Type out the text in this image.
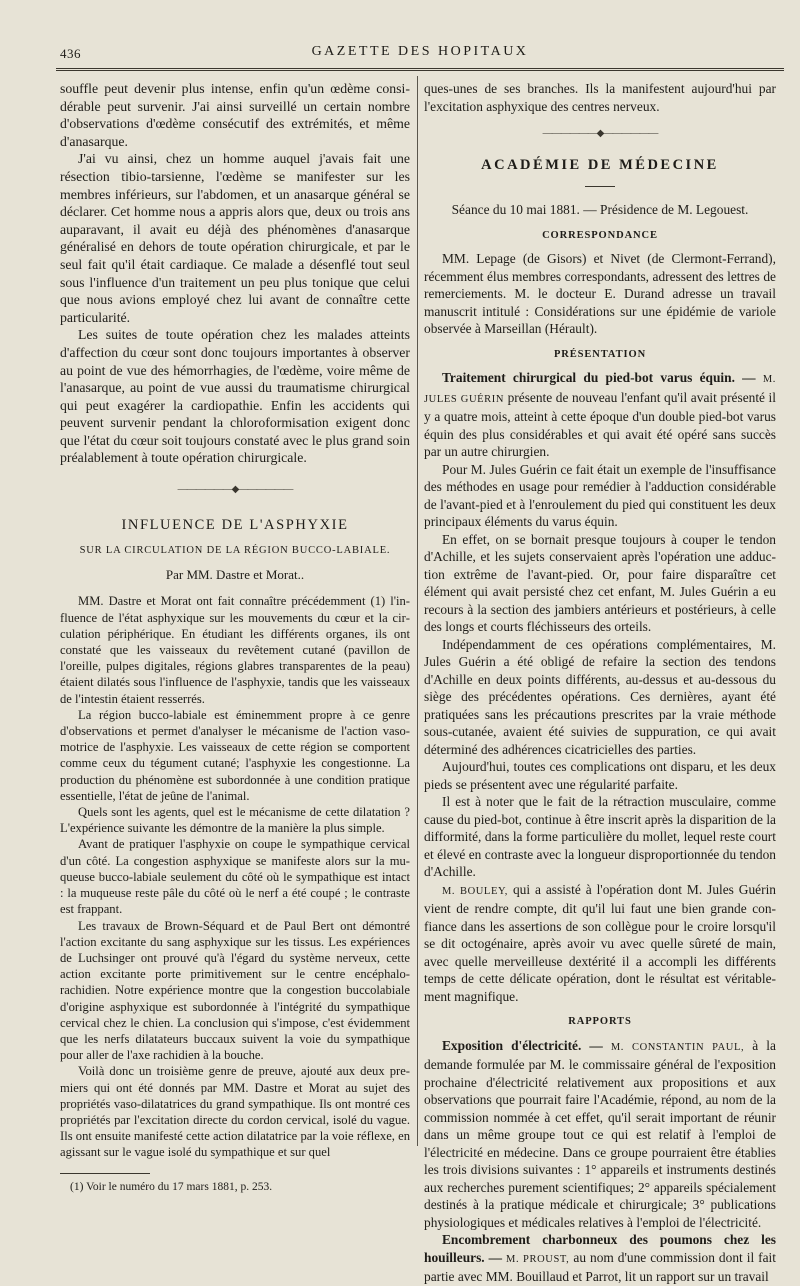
436	GAZETTE DES HOPITAUX

souffle peut devenir plus intense, enfin qu'un œdème considérable peut survenir. J'ai ainsi surveillé un certain nombre d'observations d'œdème consécutif des extrémités, et même d'anasarque.

J'ai vu ainsi, chez un homme auquel j'avais fait une résection tibio-tarsienne, l'œdème se manifester sur les membres inférieurs, sur l'abdomen, et un anasarque général se déclarer. Cet homme nous a appris alors que, deux ou trois ans auparavant, il avait eu déjà des phénomènes d'anasarque généralisé en dehors de toute opération chirurgicale, et par le seul fait qu'il était cardiaque. Ce malade a désenflé tout seul sous l'influence d'un traitement un peu plus tonique que celui que nous avions employé chez lui avant de connaître cette particularité.

Les suites de toute opération chez les malades atteints d'affection du cœur sont donc toujours importantes à observer au point de vue des hémorrhagies, de l'œdème, voire même de l'anasarque, au point de vue aussi du traumatisme chirurgical qui peut exagérer la cardiopathie. Enfin les accidents qui peuvent survenir pendant la chloroformisation exigent donc que l'état du cœur soit toujours constaté avec le plus grand soin préalablement à toute opération chirurgicale.

——————◆——————
INFLUENCE DE L'ASPHYXIE
SUR LA CIRCULATION DE LA RÉGION BUCCO-LABIALE.
Par MM. Dastre et Morat..

MM. Dastre et Morat ont fait connaître précédemment (1) l'influence de l'état asphyxique sur les mouvements du cœur et la circulation périphérique. En étudiant les différents organes, ils ont constaté que les vaisseaux du revêtement cutané (pavillon de l'oreille, pulpes digitales, régions glabres transparentes de la peau) étaient dilatés sous l'influence de l'asphyxie, tandis que les vaisseaux de l'intestin étaient resserrés.

La région bucco-labiale est éminemment propre à ce genre d'observations et permet d'analyser le mécanisme de l'action vasomotrice de l'asphyxie. Les vaisseaux de cette région se comportent comme ceux du tégument cutané; l'asphyxie les congestionne. La production du phénomène est subordonnée à une condition pratique essentielle, l'état de jeûne de l'animal.

Quels sont les agents, quel est le mécanisme de cette dilatation ? L'expérience suivante les démontre de la manière la plus simple.

Avant de pratiquer l'asphyxie on coupe le sympathique cervical d'un côté. La congestion asphyxique se manifeste alors sur la muqueuse bucco-labiale seulement du côté où le sympathique est intact : la muqueuse reste pâle du côté où le nerf a été coupé ; le contraste est frappant.

Les travaux de Brown-Séquard et de Paul Bert ont démontré l'action excitante du sang asphyxique sur les tissus. Les expériences de Luchsinger ont prouvé qu'à l'égard du système nerveux, cette action excitante porte primitivement sur le centre encéphalorachidien. Notre expérience montre que la congestion buccolabiale d'origine asphyxique est subordonnée à l'intégrité du sympathique cervical chez le chien. La conclusion qui s'impose, c'est évidemment que les nerfs dilatateurs buccaux suivent la voie du sympathique pour aller de l'axe rachidien à la bouche.

Voilà donc un troisième genre de preuve, ajouté aux deux premiers qui ont été donnés par MM. Dastre et Morat au sujet des propriétés vaso-dilatatrices du grand sympathique. Ils ont montré ces propriétés par l'excitation directe du cordon cervical, isolé du vague. Ils ont ensuite manifesté cette action dilatatrice par la voie réflexe, en agissant sur le vague isolé du sympathique et sur quel

(1) Voir le numéro du 17 mars 1881, p. 253.

ques-unes de ses branches. Ils la manifestent aujourd'hui par l'excitation asphyxique des centres nerveux.

——————◆——————
ACADÉMIE DE MÉDECINE
Séance du 10 mai 1881. — Présidence de M. Legouest.
CORRESPONDANCE

MM. Lepage (de Gisors) et Nivet (de Clermont-Ferrand), récemment élus membres correspondants, adressent des lettres de remerciements. M. le docteur E. Durand adresse un travail manuscrit intitulé : Considérations sur une épidémie de variole observée à Marseillan (Hérault).

PRÉSENTATION

Traitement chirurgical du pied-bot varus équin. — M. JULES GUÉRIN présente de nouveau l'enfant qu'il avait présenté il y a quatre mois, atteint à cette époque d'un double pied-bot varus équin des plus considérables et qui avait été opéré sans succès par un autre chirurgien.

Pour M. Jules Guérin ce fait était un exemple de l'insuffisance des méthodes en usage pour remédier à l'adduction considérable de l'avant-pied et à l'enroulement du pied qui constituent les deux principaux éléments du varus équin.

En effet, on se bornait presque toujours à couper le tendon d'Achille, et les sujets conservaient après l'opération une adduction extrême de l'avant-pied. Or, pour faire disparaître cet élément qui avait persisté chez cet enfant, M. Jules Guérin a eu recours à la section des jambiers antérieurs et postérieurs, à celle des longs et courts fléchisseurs des orteils.

Indépendamment de ces opérations complémentaires, M. Jules Guérin a été obligé de refaire la section des tendons d'Achille en deux points différents, au-dessus et au-dessous du siège des précédentes opérations. Ces dernières, ayant été pratiquées sans les précautions prescrites par la vraie méthode sous-cutanée, avaient été suivies de suppuration, ce qui avait déterminé des adhérences cicatricielles des parties.

Aujourd'hui, toutes ces complications ont disparu, et les deux pieds se présentent avec une régularité parfaite.

Il est à noter que le fait de la rétraction musculaire, comme cause du pied-bot, continue à être inscrit après la disparition de la difformité, dans la forme particulière du mollet, lequel reste court et élevé en contraste avec la longueur disproportionnée du tendon d'Achille.

M. BOULEY, qui a assisté à l'opération dont M. Jules Guérin vient de rendre compte, dit qu'il lui faut une bien grande confiance dans les assertions de son collègue pour le croire lorsqu'il se dit octogénaire, après avoir vu avec quelle sûreté de main, avec quelle merveilleuse dextérité il a accompli les différents temps de cette délicate opération, dont le résultat est véritablement magnifique.

RAPPORTS

Exposition d'électricité. — M. CONSTANTIN PAUL, à la demande formulée par M. le commissaire général de l'exposition prochaine d'électricité relativement aux propositions et aux observations que pourrait faire l'Académie, répond, au nom de la commission nommée à cet effet, qu'il serait important de réunir dans un même groupe tout ce qui est relatif à l'emploi de l'électricité en médecine. Dans ce groupe pourraient être établies les trois divisions suivantes : 1° appareils et instruments destinés aux recherches purement scientifiques; 2° appareils spécialement destinés à la pratique médicale et chirurgicale; 3° publications physiologiques et médicales relatives à l'emploi de l'électricité.

Encombrement charbonneux des poumons chez les houilleurs. — M. PROUST, au nom d'une commission dont il fait partie avec MM. Bouillaud et Parrot, lit un rapport sur un travail
